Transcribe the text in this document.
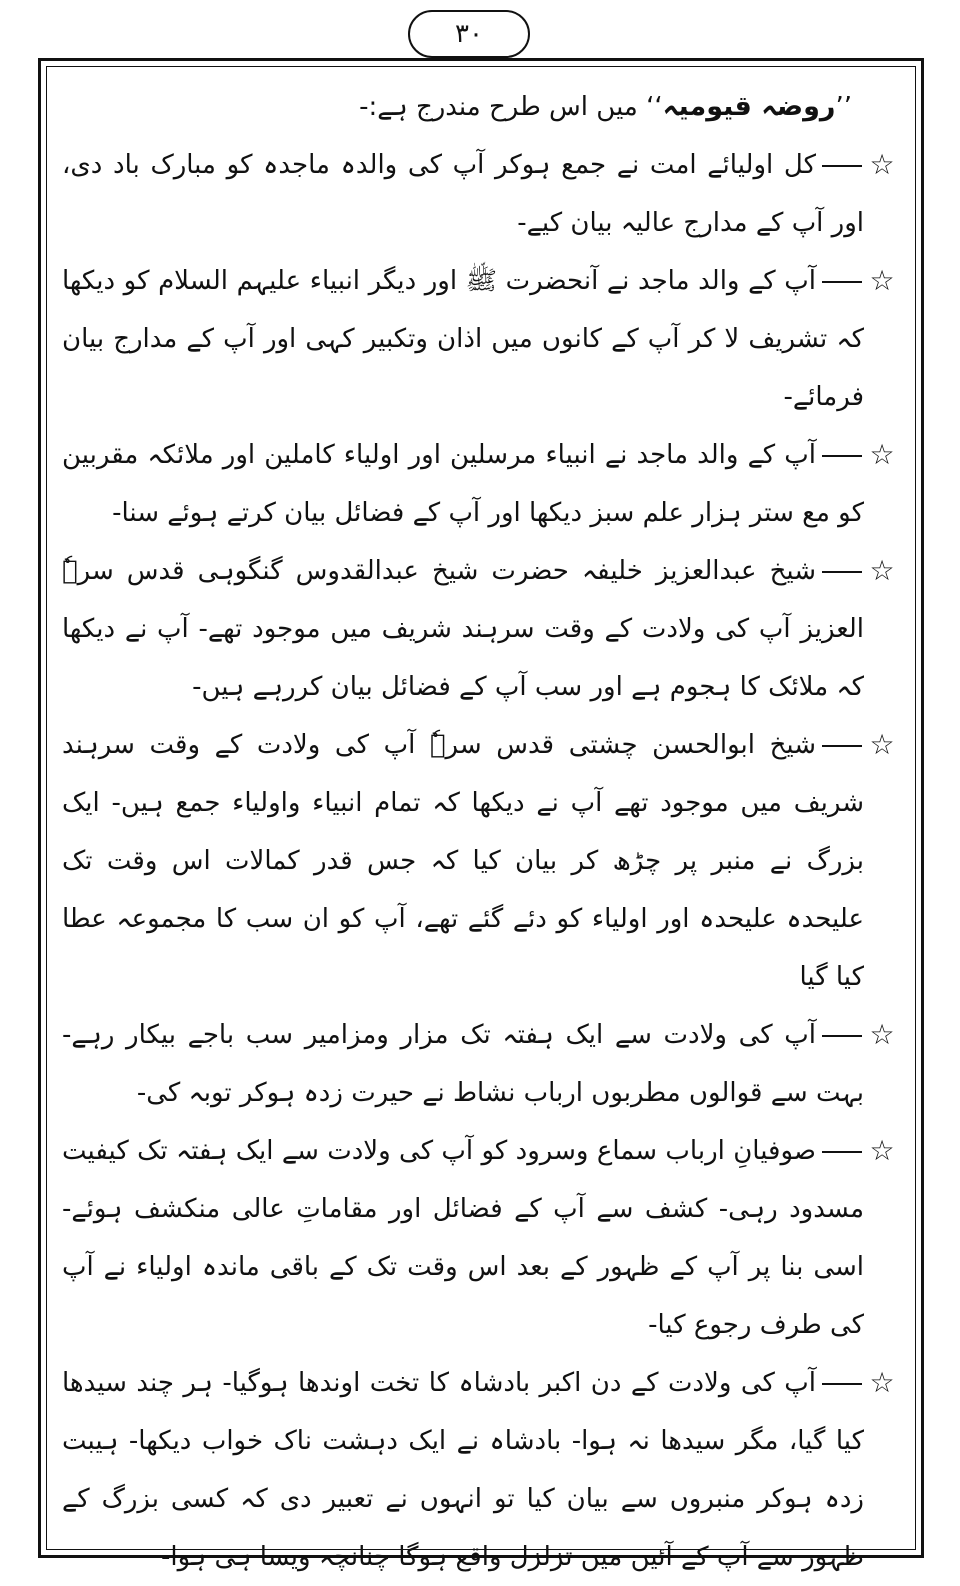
۳۰

’’روضہ قیومیہ‘‘ میں اس طرح مندرج ہے:-

☆
کل اولیائے امت نے جمع ہوکر آپ کی والدہ ماجدہ کو مبارک باد دی، اور آپ کے مدارج عالیہ بیان کیے-
☆
آپ کے والد ماجد نے آنحضرت ﷺ اور دیگر انبیاء علیہم السلام کو دیکھا کہ تشریف لا کر آپ کے کانوں میں اذان وتکبیر کہی اور آپ کے مدارج بیان فرمائے-
☆
آپ کے والد ماجد نے انبیاء مرسلین اور اولیاء کاملین اور ملائکہ مقربین کو مع ستر ہزار علم سبز دیکھا اور آپ کے فضائل بیان کرتے ہوئے سنا-
☆
شیخ عبدالعزیز خلیفہ حضرت شیخ عبدالقدوس گنگوہی قدس سرہٗ العزیز آپ کی ولادت کے وقت سرہند شریف میں موجود تھے- آپ نے دیکھا کہ ملائک کا ہجوم ہے اور سب آپ کے فضائل بیان کررہے ہیں-
☆
شیخ ابوالحسن چشتی قدس سرہٗ آپ کی ولادت کے وقت سرہند شریف میں موجود تھے آپ نے دیکھا کہ تمام انبیاء واولیاء جمع ہیں- ایک بزرگ نے منبر پر چڑھ کر بیان کیا کہ جس قدر کمالات اس وقت تک علیحدہ علیحدہ اور اولیاء کو دئے گئے تھے، آپ کو ان سب کا مجموعہ عطا کیا گیا
☆
آپ کی ولادت سے ایک ہفتہ تک مزار ومزامیر سب باجے بیکار رہے- بہت سے قوالوں مطربوں ارباب نشاط نے حیرت زدہ ہوکر توبہ کی-
☆
صوفیانِ ارباب سماع وسرود کو آپ کی ولادت سے ایک ہفتہ تک کیفیت مسدود رہی- کشف سے آپ کے فضائل اور مقاماتِ عالی منکشف ہوئے- اسی بنا پر آپ کے ظہور کے بعد اس وقت تک کے باقی ماندہ اولیاء نے آپ کی طرف رجوع کیا-
☆
آپ کی ولادت کے دن اکبر بادشاہ کا تخت اوندھا ہوگیا- ہر چند سیدھا کیا گیا، مگر سیدھا نہ ہوا- بادشاہ نے ایک دہشت ناک خواب دیکھا- ہیبت زدہ ہوکر منبروں سے بیان کیا تو انہوں نے تعبیر دی کہ کسی بزرگ کے ظہور سے آپ کے آئین میں تزلزل واقع ہوگا چنانچہ ویسا ہی ہوا-
